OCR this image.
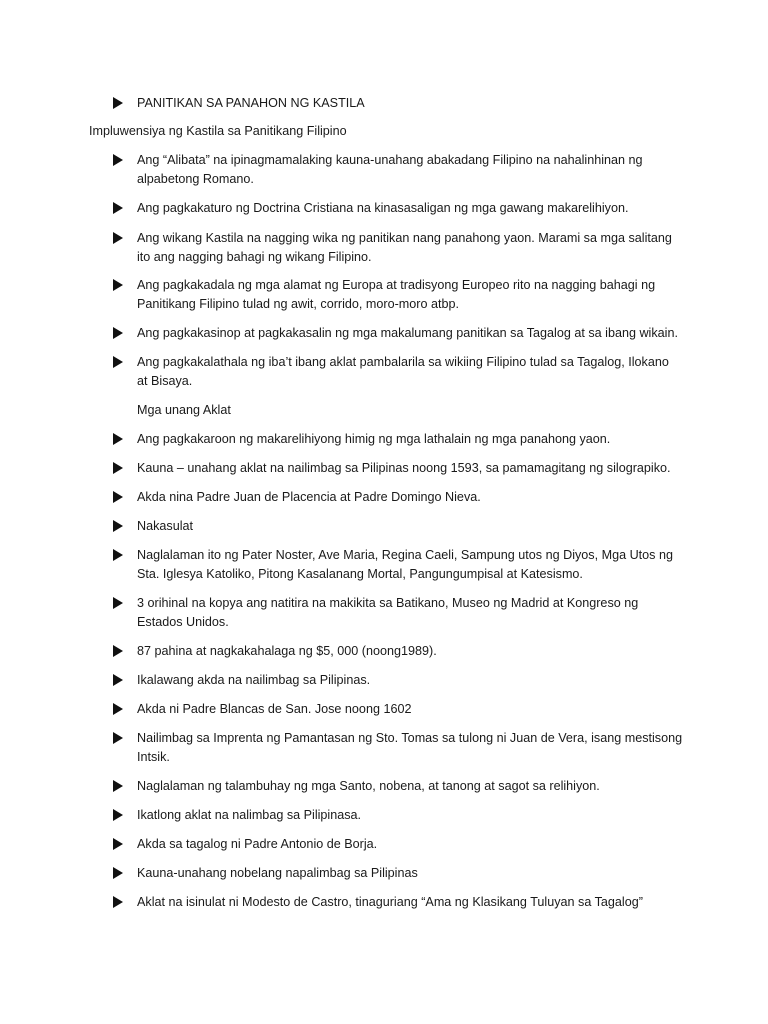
PANITIKAN SA PANAHON NG KASTILA
Impluwensiya ng Kastila sa Panitikang Filipino
Ang “Alibata” na ipinagmamalaking kauna-unahang abakadang Filipino na nahalinhinan ng
alpabetong Romano.
Ang pagkakaturo ng Doctrina Cristiana na kinasasaligan ng mga gawang makarelihiyon.
Ang wikang Kastila na nagging wika ng panitikan nang panahong yaon. Marami sa mga salitang
ito ang nagging bahagi ng wikang Filipino.
Ang pagkakadala ng mga alamat ng Europa at tradisyong Europeo rito na nagging bahagi ng
Panitikang Filipino tulad ng awit, corrido, moro-moro atbp.
Ang pagkakasinop at pagkakasalin ng mga makalumang panitikan sa Tagalog at sa ibang wikain.
Ang pagkakalathala ng iba’t ibang aklat pambalarila sa wikiing Filipino tulad sa Tagalog, Ilokano
at Bisaya.
Mga unang Aklat
Ang pagkakaroon ng makarelihiyong himig ng mga lathalain ng mga panahong yaon.
Kauna – unahang aklat na nailimbag sa Pilipinas noong 1593, sa pamamagitang ng silograpiko.
Akda nina Padre Juan de Placencia at Padre Domingo Nieva.
Nakasulat
Naglalaman ito ng Pater Noster, Ave Maria, Regina Caeli, Sampung utos ng Diyos, Mga Utos ng
Sta. Iglesya Katoliko, Pitong Kasalanang Mortal, Pangungumpisal at Katesismo.
3 orihinal na kopya ang natitira na makikita sa Batikano, Museo ng Madrid at Kongreso ng
Estados Unidos.
87 pahina at nagkakahalaga ng $5, 000 (noong1989).
Ikalawang akda na nailimbag sa Pilipinas.
Akda ni Padre Blancas de San. Jose noong 1602
Nailimbag sa Imprenta ng Pamantasan ng Sto. Tomas sa tulong ni Juan de Vera, isang mestisong
Intsik.
Naglalaman ng talambuhay ng mga Santo, nobena, at tanong at sagot sa relihiyon.
Ikatlong aklat na nalimbag sa Pilipinasa.
Akda sa tagalog ni Padre Antonio de Borja.
Kauna-unahang nobelang napalimbag sa Pilipinas
Aklat na isinulat ni Modesto de Castro, tinaguriang “Ama ng Klasikang Tuluyan sa Tagalog”
